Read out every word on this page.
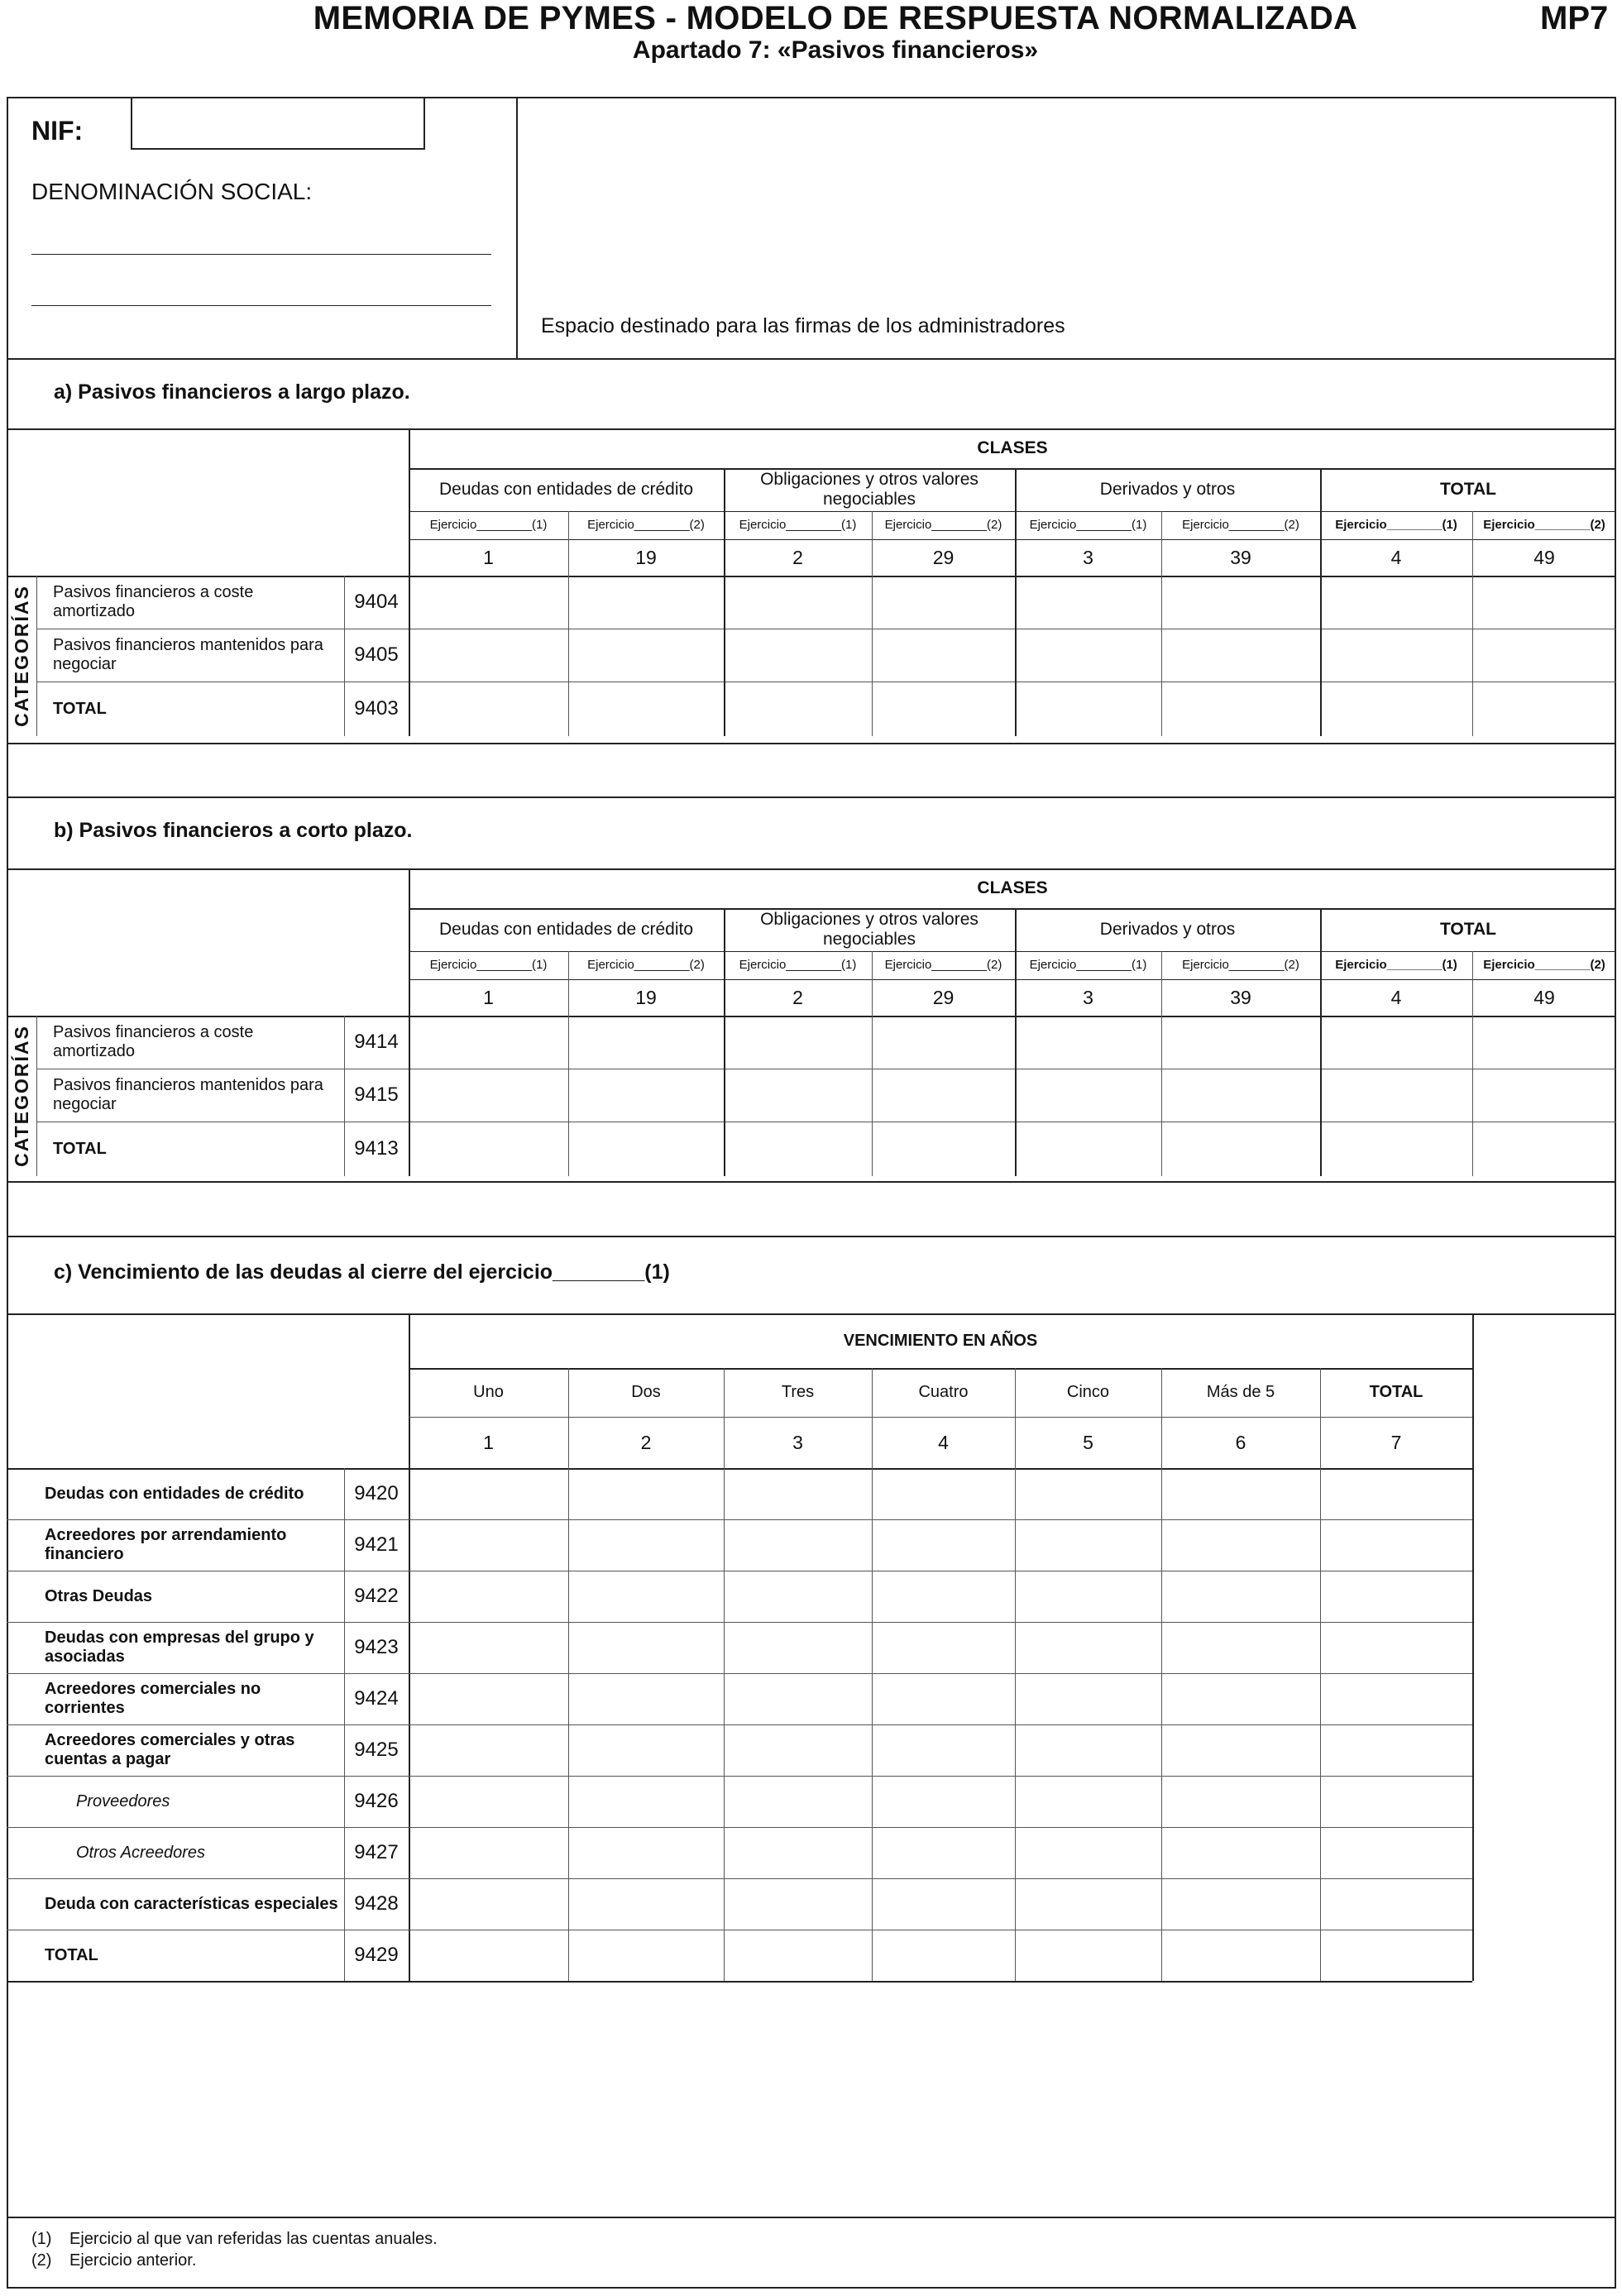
MEMORIA DE PYMES - MODELO DE RESPUESTA NORMALIZADA	MP7
Apartado 7: «Pasivos financieros»
NIF:
DENOMINACIÓN SOCIAL:
Espacio destinado para las firmas de los administradores
a) Pasivos financieros a largo plazo.
CLASES
Deudas con entidades de crédito
Obligaciones y otros valores negociables
Derivados y otros	TOTAL
Ejercicio________(1)	Ejercicio________(2)	Ejercicio________(1)	Ejercicio________(2)	Ejercicio________(1)	Ejercicio________(2)	Ejercicio________(1)	Ejercicio________(2)
1	19	2	29	3	39	4	49
CATEGORÍAS Pasivos financieros a coste amortizado	9404
Pasivos financieros mantenidos para negociar	9405
TOTAL	9403
b) Pasivos financieros a corto plazo.
CLASES
Deudas con entidades de crédito
Obligaciones y otros valores negociables
Derivados y otros	TOTAL
Ejercicio________(1)	Ejercicio________(2)	Ejercicio________(1)	Ejercicio________(2)	Ejercicio________(1)	Ejercicio________(2)	Ejercicio________(1)	Ejercicio________(2)
1	19	2	29	3	39	4	49
CATEGORÍAS Pasivos financieros a coste amortizado	9414
Pasivos financieros mantenidos para negociar	9415
TOTAL	9413
c) Vencimiento de las deudas al cierre del ejercicio________(1)
VENCIMIENTO EN AÑOS
Uno	Dos	Tres	Cuatro	Cinco	Más de 5	TOTAL
1	2	3	4	5	6	7
Deudas con entidades de crédito	9420
Acreedores por arrendamiento financiero	9421
Otras Deudas	9422
Deudas con empresas del grupo y asociadas	9423
Acreedores comerciales no corrientes	9424
Acreedores comerciales y otras cuentas a pagar	9425
Proveedores	9426
Otros Acreedores	9427
Deuda con características especiales 9428
TOTAL	9429
(1) Ejercicio al que van referidas las cuentas anuales.
(2) Ejercicio anterior.
